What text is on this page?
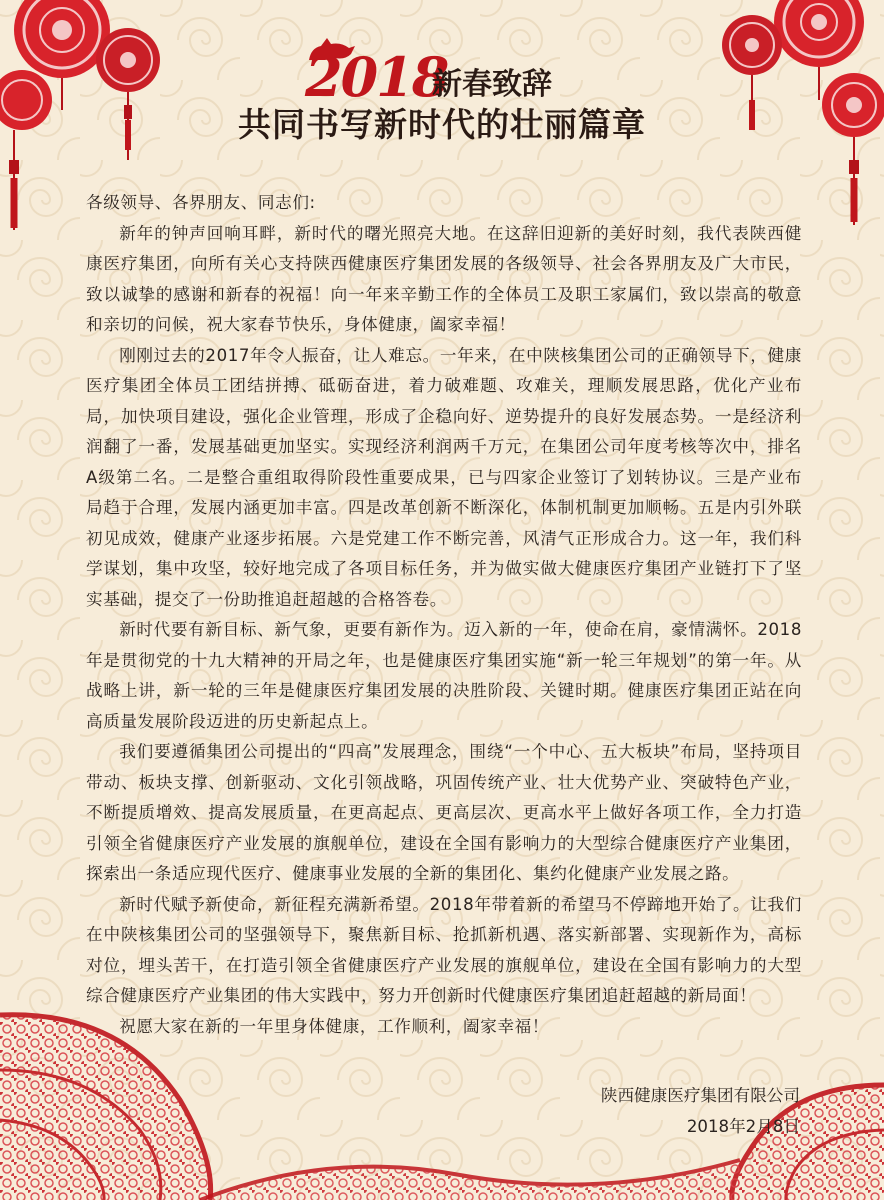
2018
新春致辞
共同书写新时代的壮丽篇章

各级领导、各界朋友、同志们:

新年的钟声回响耳畔，新时代的曙光照亮大地。在这辞旧迎新的美好时刻，我代表陕西健康医疗集团，向所有关心支持陕西健康医疗集团发展的各级领导、社会各界朋友及广大市民，致以诚挚的感谢和新春的祝福！向一年来辛勤工作的全体员工及职工家属们，致以崇高的敬意和亲切的问候，祝大家春节快乐，身体健康，阖家幸福！

刚刚过去的2017年令人振奋，让人难忘。一年来，在中陕核集团公司的正确领导下，健康医疗集团全体员工团结拼搏、砥砺奋进，着力破难题、攻难关，理顺发展思路，优化产业布局，加快项目建设，强化企业管理，形成了企稳向好、逆势提升的良好发展态势。一是经济利润翻了一番，发展基础更加坚实。实现经济利润两千万元，在集团公司年度考核等次中，排名A级第二名。二是整合重组取得阶段性重要成果，已与四家企业签订了划转协议。三是产业布局趋于合理，发展内涵更加丰富。四是改革创新不断深化，体制机制更加顺畅。五是内引外联初见成效，健康产业逐步拓展。六是党建工作不断完善，风清气正形成合力。这一年，我们科学谋划，集中攻坚，较好地完成了各项目标任务，并为做实做大健康医疗集团产业链打下了坚实基础，提交了一份助推追赶超越的合格答卷。

新时代要有新目标、新气象，更要有新作为。迈入新的一年，使命在肩，豪情满怀。2018年是贯彻党的十九大精神的开局之年，也是健康医疗集团实施“新一轮三年规划”的第一年。从战略上讲，新一轮的三年是健康医疗集团发展的决胜阶段、关键时期。健康医疗集团正站在向高质量发展阶段迈进的历史新起点上。

我们要遵循集团公司提出的“四高”发展理念，围绕“一个中心、五大板块”布局，坚持项目带动、板块支撑、创新驱动、文化引领战略，巩固传统产业、壮大优势产业、突破特色产业，不断提质增效、提高发展质量，在更高起点、更高层次、更高水平上做好各项工作，全力打造引领全省健康医疗产业发展的旗舰单位，建设在全国有影响力的大型综合健康医疗产业集团，探索出一条适应现代医疗、健康事业发展的全新的集团化、集约化健康产业发展之路。

新时代赋予新使命，新征程充满新希望。2018年带着新的希望马不停蹄地开始了。让我们在中陕核集团公司的坚强领导下，聚焦新目标、抢抓新机遇、落实新部署、实现新作为，高标对位，埋头苦干，在打造引领全省健康医疗产业发展的旗舰单位，建设在全国有影响力的大型综合健康医疗产业集团的伟大实践中，努力开创新时代健康医疗集团追赶超越的新局面！

祝愿大家在新的一年里身体健康，工作顺利，阖家幸福！

陕西健康医疗集团有限公司
2018年2月8日
